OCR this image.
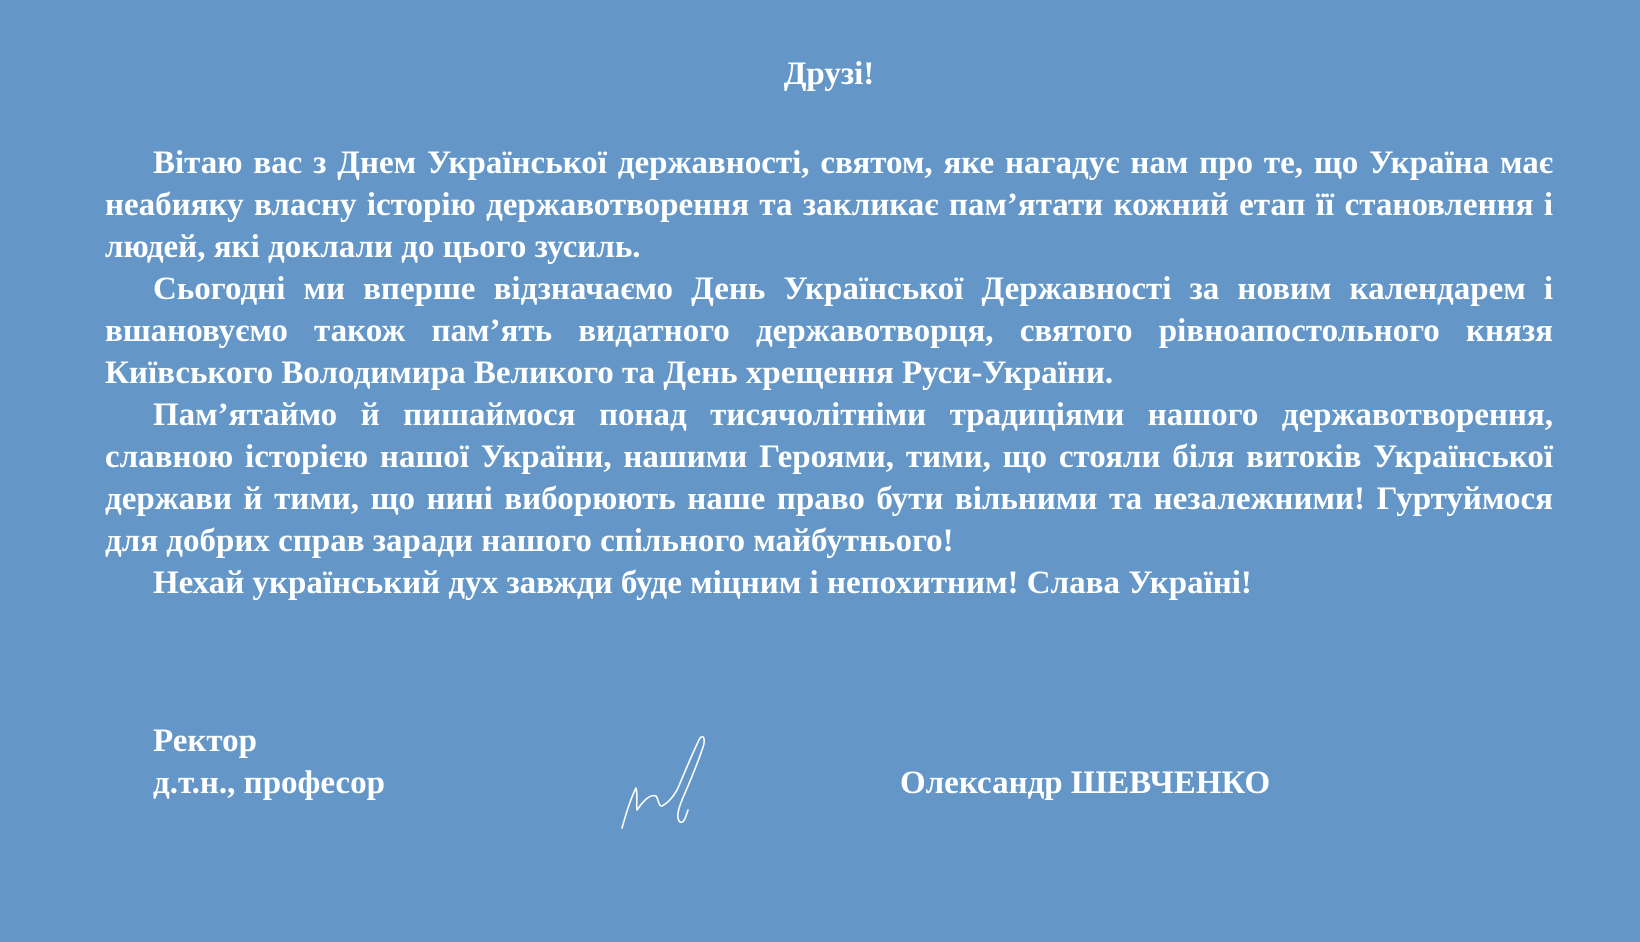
Друзі!

Вітаю вас з Днем Української державності, святом, яке нагадує нам про те, що Україна має неабияку власну історію державотворення та закликає пам’ятати кожний етап її становлення і людей, які доклали до цього зусиль.

Сьогодні ми вперше відзначаємо День Української Державності за новим календарем і вшановуємо також пам’ять видатного державотворця, святого рівноапостольного князя Київського Володимира Великого та День хрещення Руси-України.

Пам’ятаймо й пишаймося понад тисячолітніми традиціями нашого державотворення, славною історією нашої України, нашими Героями, тими, що стояли біля витоків Української держави й тими, що нині виборюють наше право бути вільними та незалежними! Гуртуймося для добрих справ заради нашого спільного майбутнього!

Нехай український дух завжди буде міцним і непохитним! Слава Україні!

Ректор
д.т.н., професор	Олександр ШЕВЧЕНКО
